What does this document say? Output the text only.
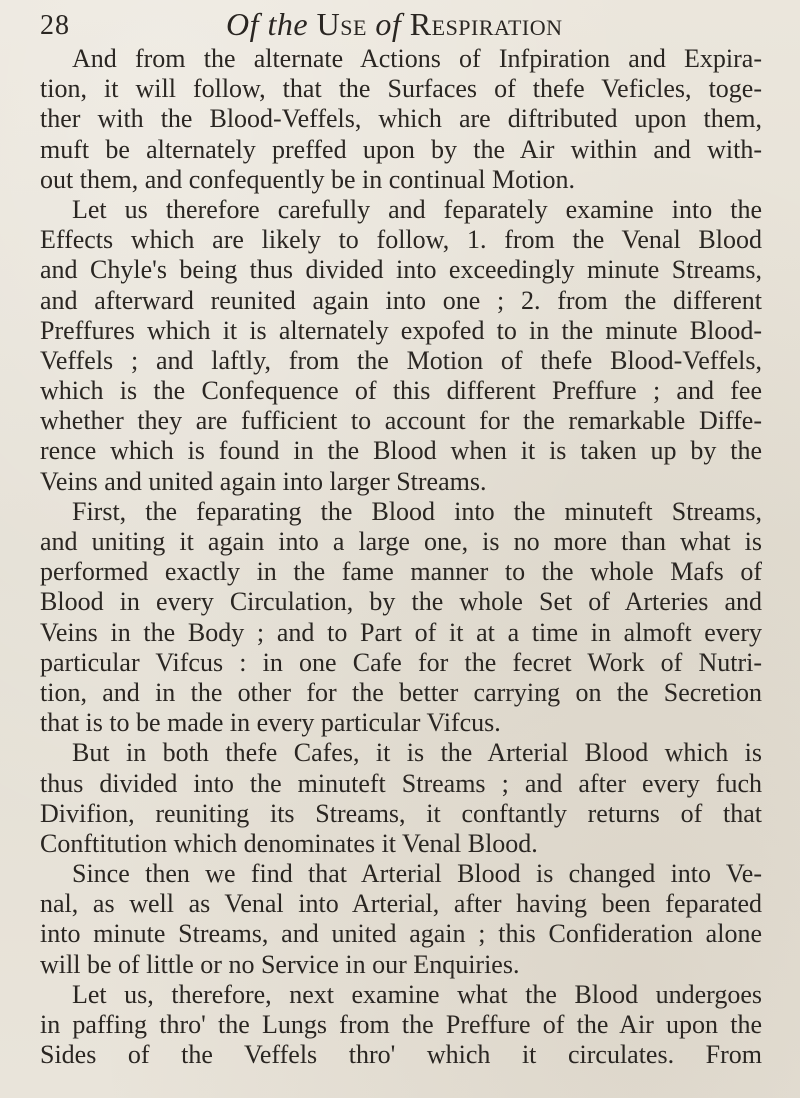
28	Of the Use of Respiration
And from the alternate Actions of Infpiration and Expira-
tion, it will follow, that the Surfaces of thefe Veficles, toge-
ther with the Blood-Veffels, which are diftributed upon them,
muft be alternately preffed upon by the Air within and with-
out them, and confequently be in continual Motion.
Let us therefore carefully and feparately examine into the
Effects which are likely to follow, 1. from the Venal Blood
and Chyle's being thus divided into exceedingly minute Streams,
and afterward reunited again into one ; 2. from the different
Preffures which it is alternately expofed to in the minute Blood-
Veffels ; and laftly, from the Motion of thefe Blood-Veffels,
which is the Confequence of this different Preffure ; and fee
whether they are fufficient to account for the remarkable Diffe-
rence which is found in the Blood when it is taken up by the
Veins and united again into larger Streams.
First, the feparating the Blood into the minuteft Streams,
and uniting it again into a large one, is no more than what is
performed exactly in the fame manner to the whole Mafs of
Blood in every Circulation, by the whole Set of Arteries and
Veins in the Body ; and to Part of it at a time in almoft every
particular Vifcus : in one Cafe for the fecret Work of Nutri-
tion, and in the other for the better carrying on the Secretion
that is to be made in every particular Vifcus.
But in both thefe Cafes, it is the Arterial Blood which is
thus divided into the minuteft Streams ; and after every fuch
Divifion, reuniting its Streams, it conftantly returns of that
Conftitution which denominates it Venal Blood.
Since then we find that Arterial Blood is changed into Ve-
nal, as well as Venal into Arterial, after having been feparated
into minute Streams, and united again ; this Confideration alone
will be of little or no Service in our Enquiries.
Let us, therefore, next examine what the Blood undergoes
in paffing thro' the Lungs from the Preffure of the Air upon the
Sides of the Veffels thro' which it circulates. From
